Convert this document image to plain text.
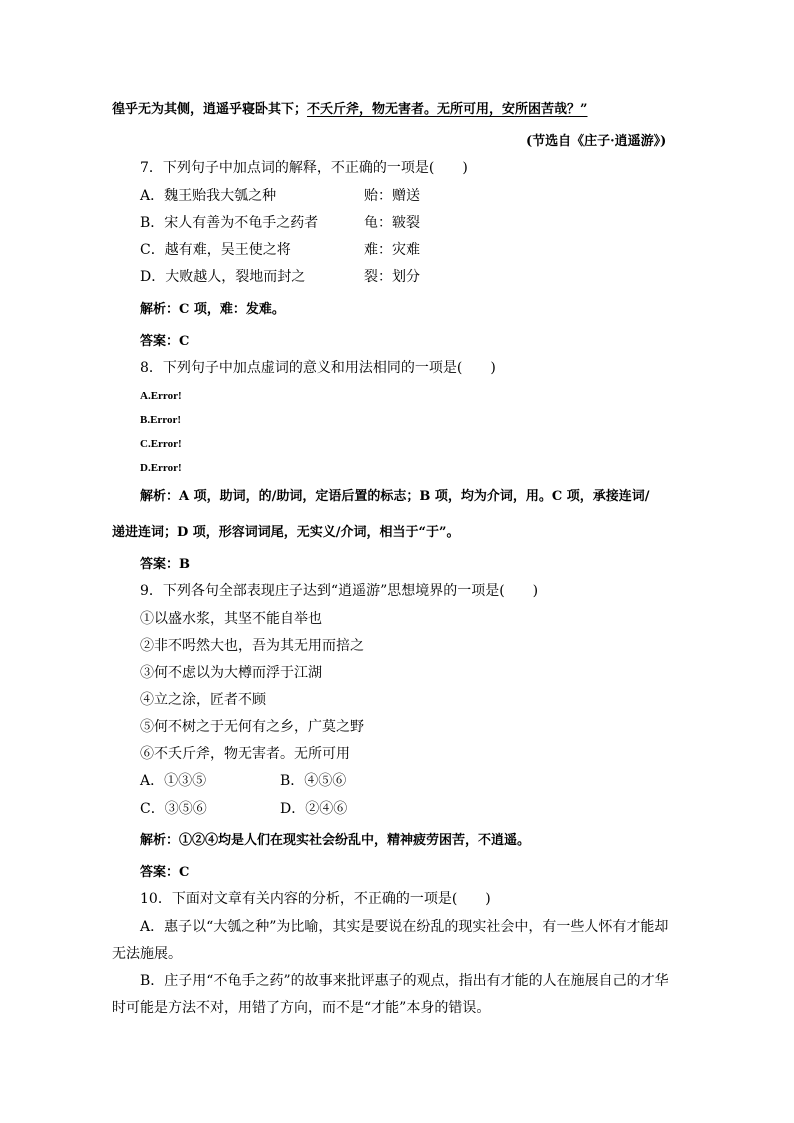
徨乎无为其侧，逍遥乎寝卧其下；不夭斤斧，物无害者。无所可用，安所困苦哉？”
(节选自《庄子·逍遥游》)
7．下列句子中加点词的解释，不正确的一项是(　　)
A．魏王贻我大瓠之种	贻：赠送
B．宋人有善为不龟手之药者	龟：皲裂
C．越有难，吴王使之将	难：灾难
D．大败越人，裂地而封之	裂：划分
解析：C 项，难：发难。
答案：C
8．下列句子中加点虚词的意义和用法相同的一项是(　　)
A.Error!
B.Error!
C.Error!
D.Error!
解析：A 项，助词，的/助词，定语后置的标志；B 项，均为介词，用。C 项，承接连词/
递进连词；D 项，形容词词尾，无实义/介词，相当于“于”。
答案：B
9．下列各句全部表现庄子达到“逍遥游”思想境界的一项是(　　)
①以盛水浆，其坚不能自举也
②非不呺然大也，吾为其无用而掊之
③何不虑以为大樽而浮于江湖
④立之涂，匠者不顾
⑤何不树之于无何有之乡，广莫之野
⑥不夭斤斧，物无害者。无所可用
A．①③⑤	B．④⑤⑥
C．③⑤⑥	D．②④⑥
解析：①②④均是人们在现实社会纷乱中，精神疲劳困苦，不逍遥。
答案：C
10．下面对文章有关内容的分析，不正确的一项是(　　)
A．惠子以“大瓠之种”为比喻，其实是要说在纷乱的现实社会中，有一些人怀有才能却
无法施展。
B．庄子用“不龟手之药”的故事来批评惠子的观点，指出有才能的人在施展自己的才华
时可能是方法不对，用错了方向，而不是“才能”本身的错误。
